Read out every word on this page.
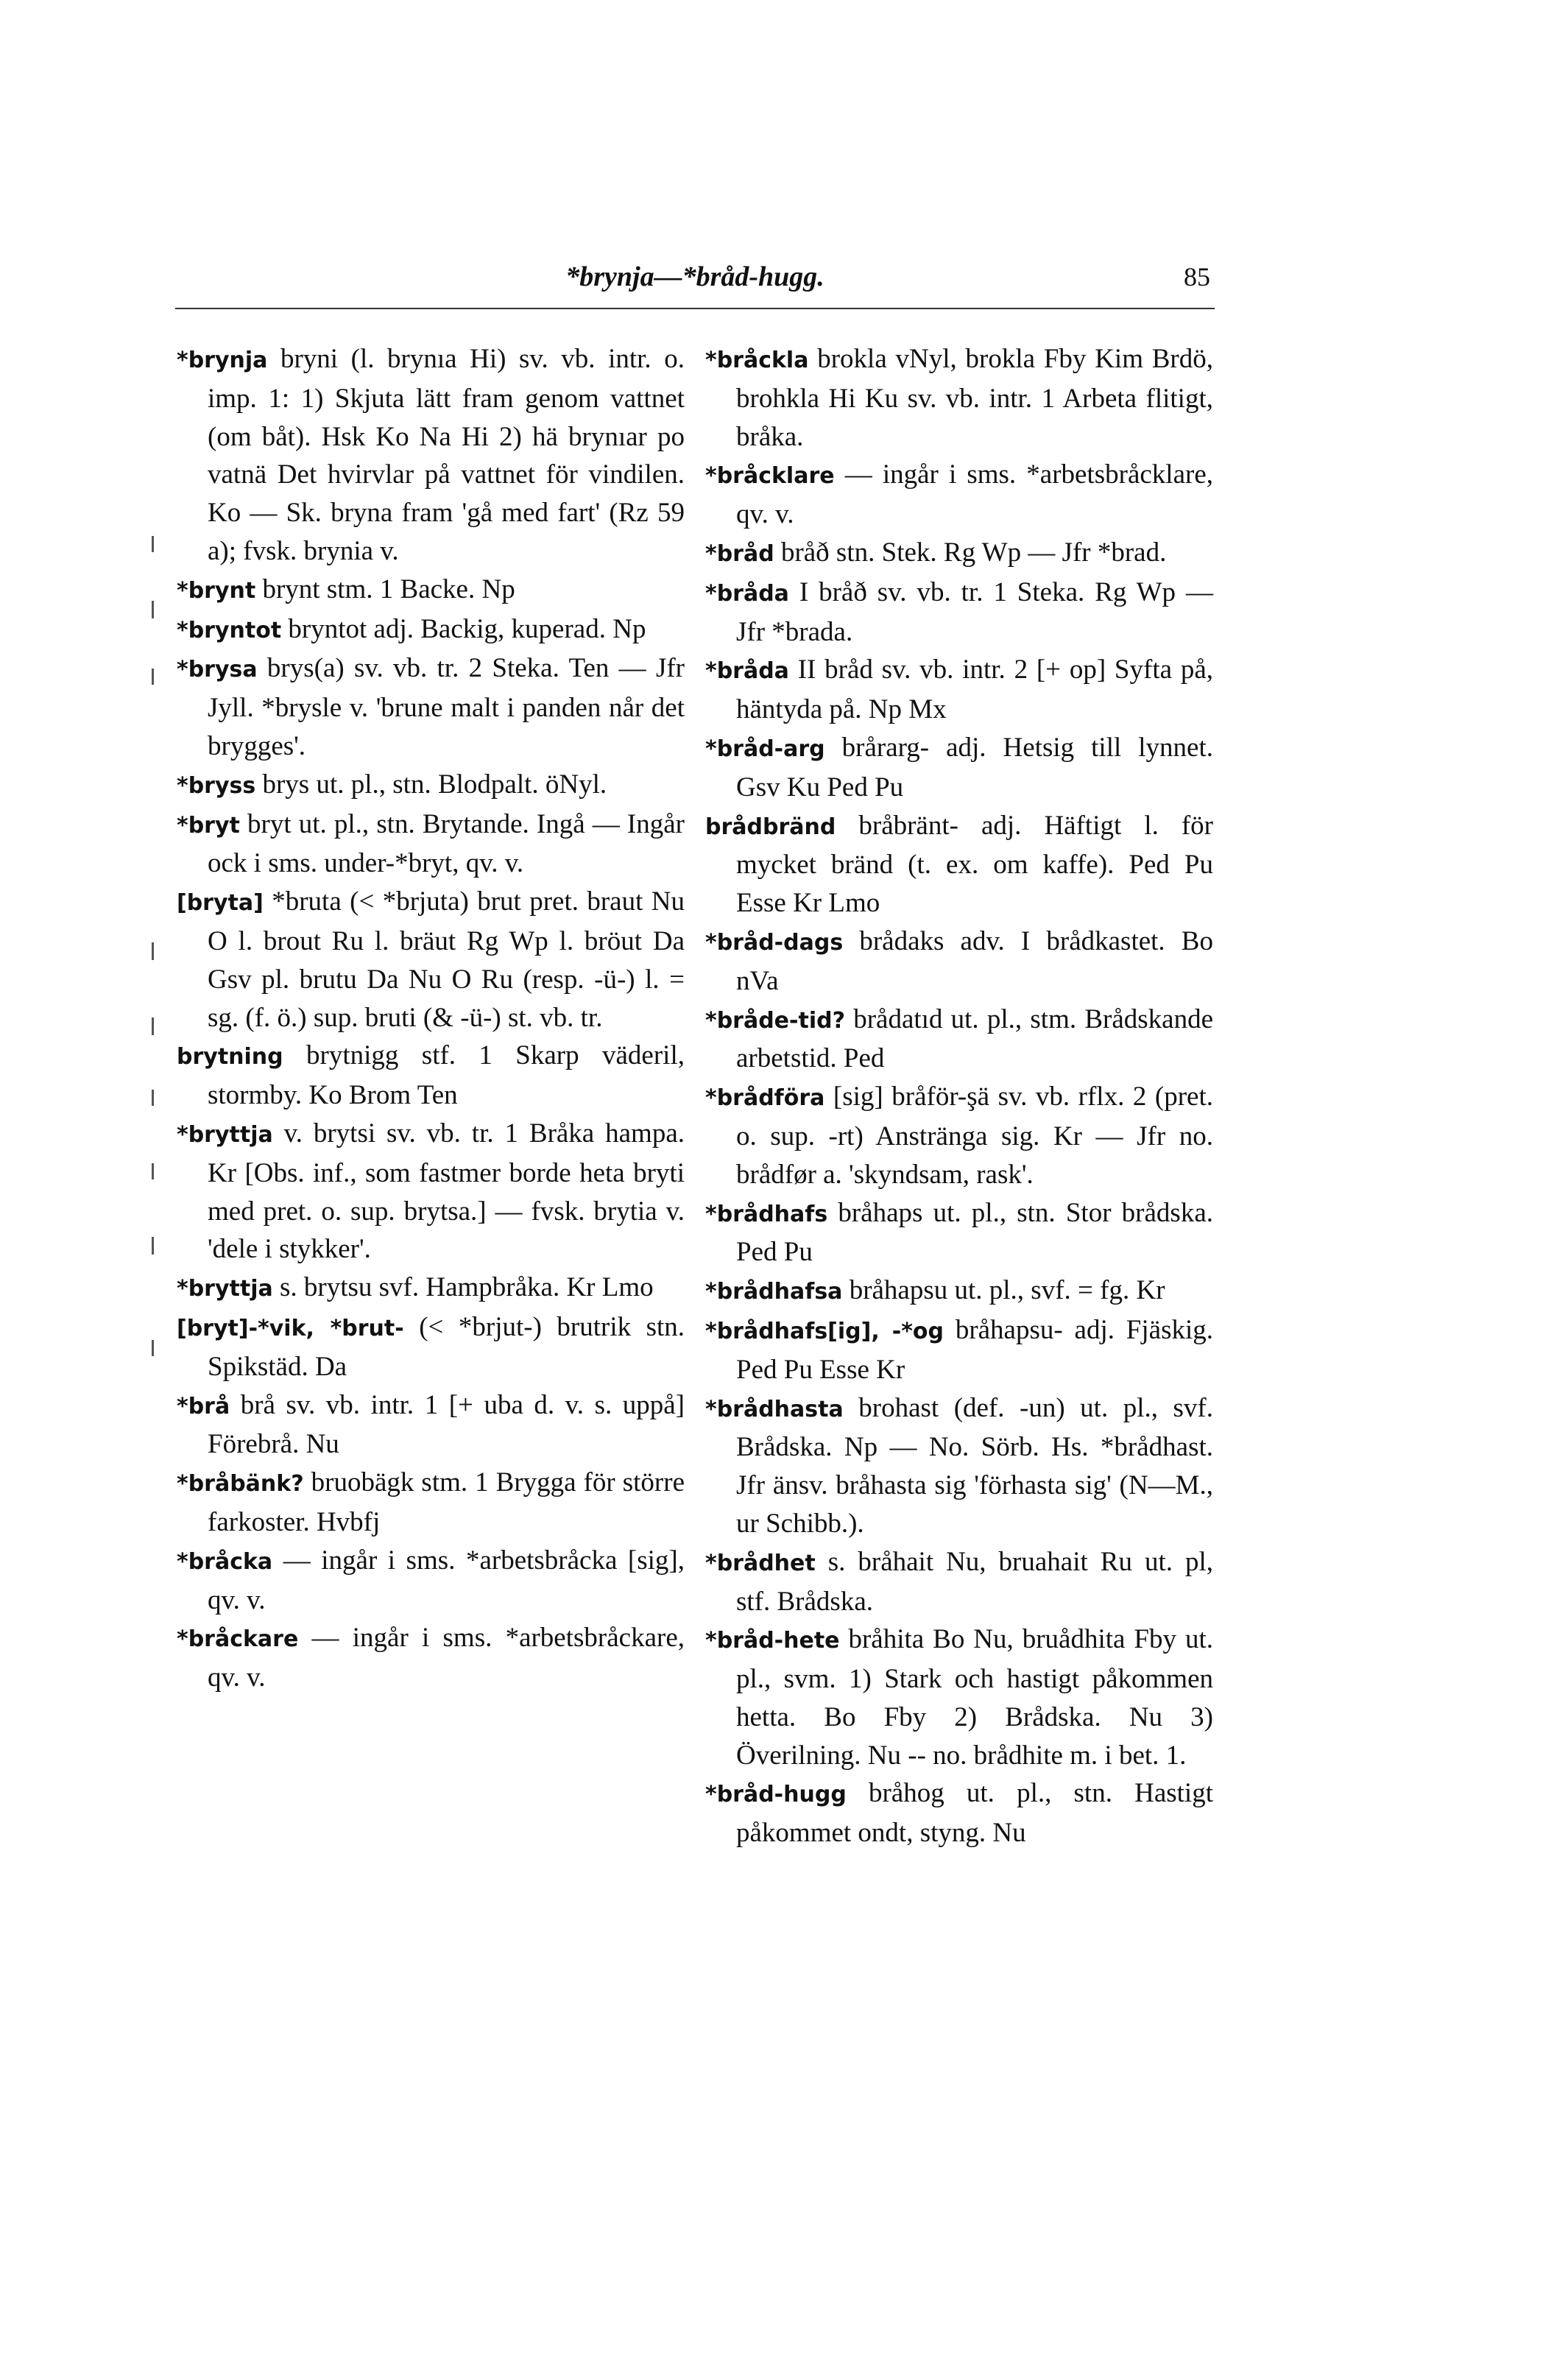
*brynja—*bråd-hugg.	85

*brynja bryni (l. brynıa Hi) sv. vb. intr. o. imp. 1: 1) Skjuta lätt fram genom vattnet (om båt). Hsk Ko Na Hi 2) hä brynıar po vatnä Det hvirvlar på vattnet för vindilen. Ko — Sk. bryna fram 'gå med fart' (Rz 59 a); fvsk. brynia v.

*brynt brynt stm. 1 Backe. Np

*bryntot bryntot adj. Backig, kuperad. Np

*brysa brys(a) sv. vb. tr. 2 Steka. Ten — Jfr Jyll. *brysle v. 'brune malt i panden når det brygges'.

*bryss brys ut. pl., stn. Blodpalt. öNyl.

*bryt bryt ut. pl., stn. Brytande. Ingå — Ingår ock i sms. under-*bryt, qv. v.

[bryta] *bruta (< *brjuta) brut pret. braut Nu O l. brout Ru l. bräut Rg Wp l. bröut Da Gsv pl. brutu Da Nu O Ru (resp. -ü-) l. = sg. (f. ö.) sup. bruti (& -ü-) st. vb. tr.

brytning brytnigg stf. 1 Skarp väderil, stormby. Ko Brom Ten

*bryttja v. brytsi sv. vb. tr. 1 Bråka hampa. Kr [Obs. inf., som fastmer borde heta bryti med pret. o. sup. brytsa.] — fvsk. brytia v. 'dele i stykker'.

*bryttja s. brytsu svf. Hampbråka. Kr Lmo

[bryt]-*vik, *brut- (< *brjut-) brutrik stn. Spikstäd. Da

*brå brå sv. vb. intr. 1 [+ uba d. v. s. uppå] Förebrå. Nu

*bråbänk? bruobägk stm. 1 Brygga för större farkoster. Hvbfj

*bråcka — ingår i sms. *arbetsbråcka [sig], qv. v.

*bråckare — ingår i sms. *arbetsbråckare, qv. v.

*bråckla brokla vNyl, brokla Fby Kim Brdö, brohkla Hi Ku sv. vb. intr. 1 Arbeta flitigt, bråka.

*bråcklare — ingår i sms. *arbetsbråcklare, qv. v.

*bråd bråð stn. Stek. Rg Wp — Jfr *brad.

*bråda I bråð sv. vb. tr. 1 Steka. Rg Wp — Jfr *brada.

*bråda II bråd sv. vb. intr. 2 [+ op] Syfta på, häntyda på. Np Mx

*bråd-arg brårarg- adj. Hetsig till lynnet. Gsv Ku Ped Pu

brådbränd bråbränt- adj. Häftigt l. för mycket bränd (t. ex. om kaffe). Ped Pu Esse Kr Lmo

*bråd-dags brådaks adv. I brådkastet. Bo nVa

*bråde-tid? brådatıd ut. pl., stm. Brådskande arbetstid. Ped

*brådföra [sig] bråför-şä sv. vb. rflx. 2 (pret. o. sup. -rt) Anstränga sig. Kr — Jfr no. brådfør a. 'skyndsam, rask'.

*brådhafs bråhaps ut. pl., stn. Stor brådska. Ped Pu

*brådhafsa bråhapsu ut. pl., svf. = fg. Kr

*brådhafs[ig], -*og bråhapsu- adj. Fjäskig. Ped Pu Esse Kr

*brådhasta brohast (def. -un) ut. pl., svf. Brådska. Np — No. Sörb. Hs. *brådhast. Jfr änsv. bråhasta sig 'förhasta sig' (N—M., ur Schibb.).

*brådhet s. bråhait Nu, bruahait Ru ut. pl, stf. Brådska.

*bråd-hete bråhita Bo Nu, bruådhita Fby ut. pl., svm. 1) Stark och hastigt påkommen hetta. Bo Fby 2) Brådska. Nu 3) Överilning. Nu -- no. brådhite m. i bet. 1.

*bråd-hugg bråhog ut. pl., stn. Hastigt påkommet ondt, styng. Nu
